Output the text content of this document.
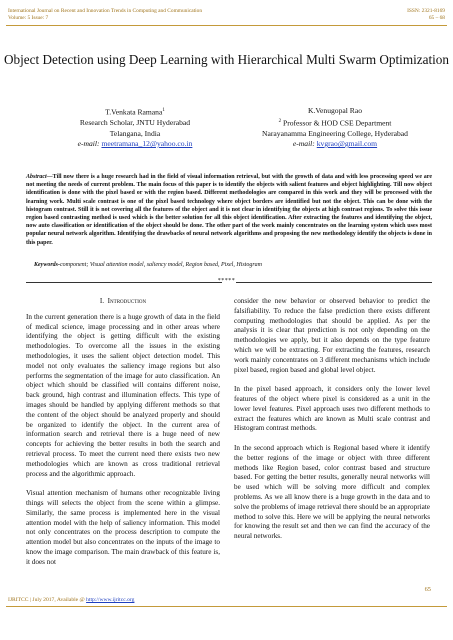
International Journal on Recent and Innovation Trends in Computing and Communication
Volume: 5 Issue: 7
ISSN: 2321-8169
65 – 68
Object Detection using Deep Learning with Hierarchical Multi Swarm Optimization
T.Venkata Ramana$^1$
Research Scholar, JNTU Hyderabad
Telangana, India
e-mail: meetramana_12@yahoo.co.in
K.Venugopal Rao
$^2$ Professor & HOD CSE Department
Narayanamma Engineering College, Hyderabad
e-mail: kvgrao@gmail.com
Abstract—Till now there is a huge research had in the field of visual information retrieval, but with the growth of data and with less processing speed we are not meeting the needs of current problem. The main focus of this paper is to identify the objects with salient features and object highlighting. Till now object identification is done with the pixel based or with the region based. Different methodologies are compared in this work and they will be processed with the learning work. Multi scale contrast is one of the pixel based technology where object borders are identified but not the object. This can be done with the histogram contrast. Still it is not covering all the features of the object and it is not clear in identifying the objects at high contrast regions. To solve this issue region based contrasting method is used which is the better solution for all this object identification. After extracting the features and identifying the object, now auto classification or identification of the object should be done. The other part of the work mainly concentrates on the learning system which uses most popular neural network algorithm. Identifying the drawbacks of neural network algorithms and proposing the new methodology identify the objects is done in this paper.
Keywords-component; Visual attention model, saliency model, Region based, Pixel, Histogram
*****
I. Introduction

In the current generation there is a huge growth of data in the field of medical science, image processing and in other areas where identifying the object is getting difficult with the existing methodologies. To overcome all the issues in the existing methodologies, it uses the salient object detection model. This model not only evaluates the saliency image regions but also performs the segmentation of the image for auto classification. An object which should be classified will contains different noise, back ground, high contrast and illumination effects. This type of images should be handled by applying different methods so that the content of the object should be analyzed properly and should be organized to identify the object. In the current area of information search and retrieval there is a huge need of new concepts for achieving the better results in both the search and retrieval process. To meet the current need there exists two new methodologies which are known as cross traditional retrieval process and the algorithmic approach.

Visual attention mechanism of humans other recognizable living things will selects the object from the scene within a glimpse. Similarly, the same process is implemented here in the visual attention model with the help of saliency information. This model not only concentrates on the process description to compute the attention model but also concentrates on the inputs of the image to know the image comparison. The main drawback of this feature is, it does not

consider the new behavior or observed behavior to predict the falsifiability. To reduce the false prediction there exists different computing methodologies that should be applied. As per the analysis it is clear that prediction is not only depending on the methodologies we apply, but it also depends on the type feature which we will be extracting. For extracting the features, research work mainly concentrates on 3 different mechanisms which include pixel based, region based and global level object.

In the pixel based approach, it considers only the lower level features of the object where pixel is considered as a unit in the lower level features. Pixel approach uses two different methods to extract the features which are known as Multi scale contrast and Histogram contrast methods.

In the second approach which is Regional based where it identify the better regions of the image or object with three different methods like Region based, color contrast based and structure based. For getting the better results, generally neural networks will be used which will be solving more difficult and complex problems. As we all know there is a huge growth in the data and to solve the problems of image retrieval there should be an appropriate method to solve this. Here we will be applying the neural networks for knowing the result set and then we can find the accuracy of the neural networks.

65
IJRITCC | July 2017, Available @ http://www.ijritcc.org
